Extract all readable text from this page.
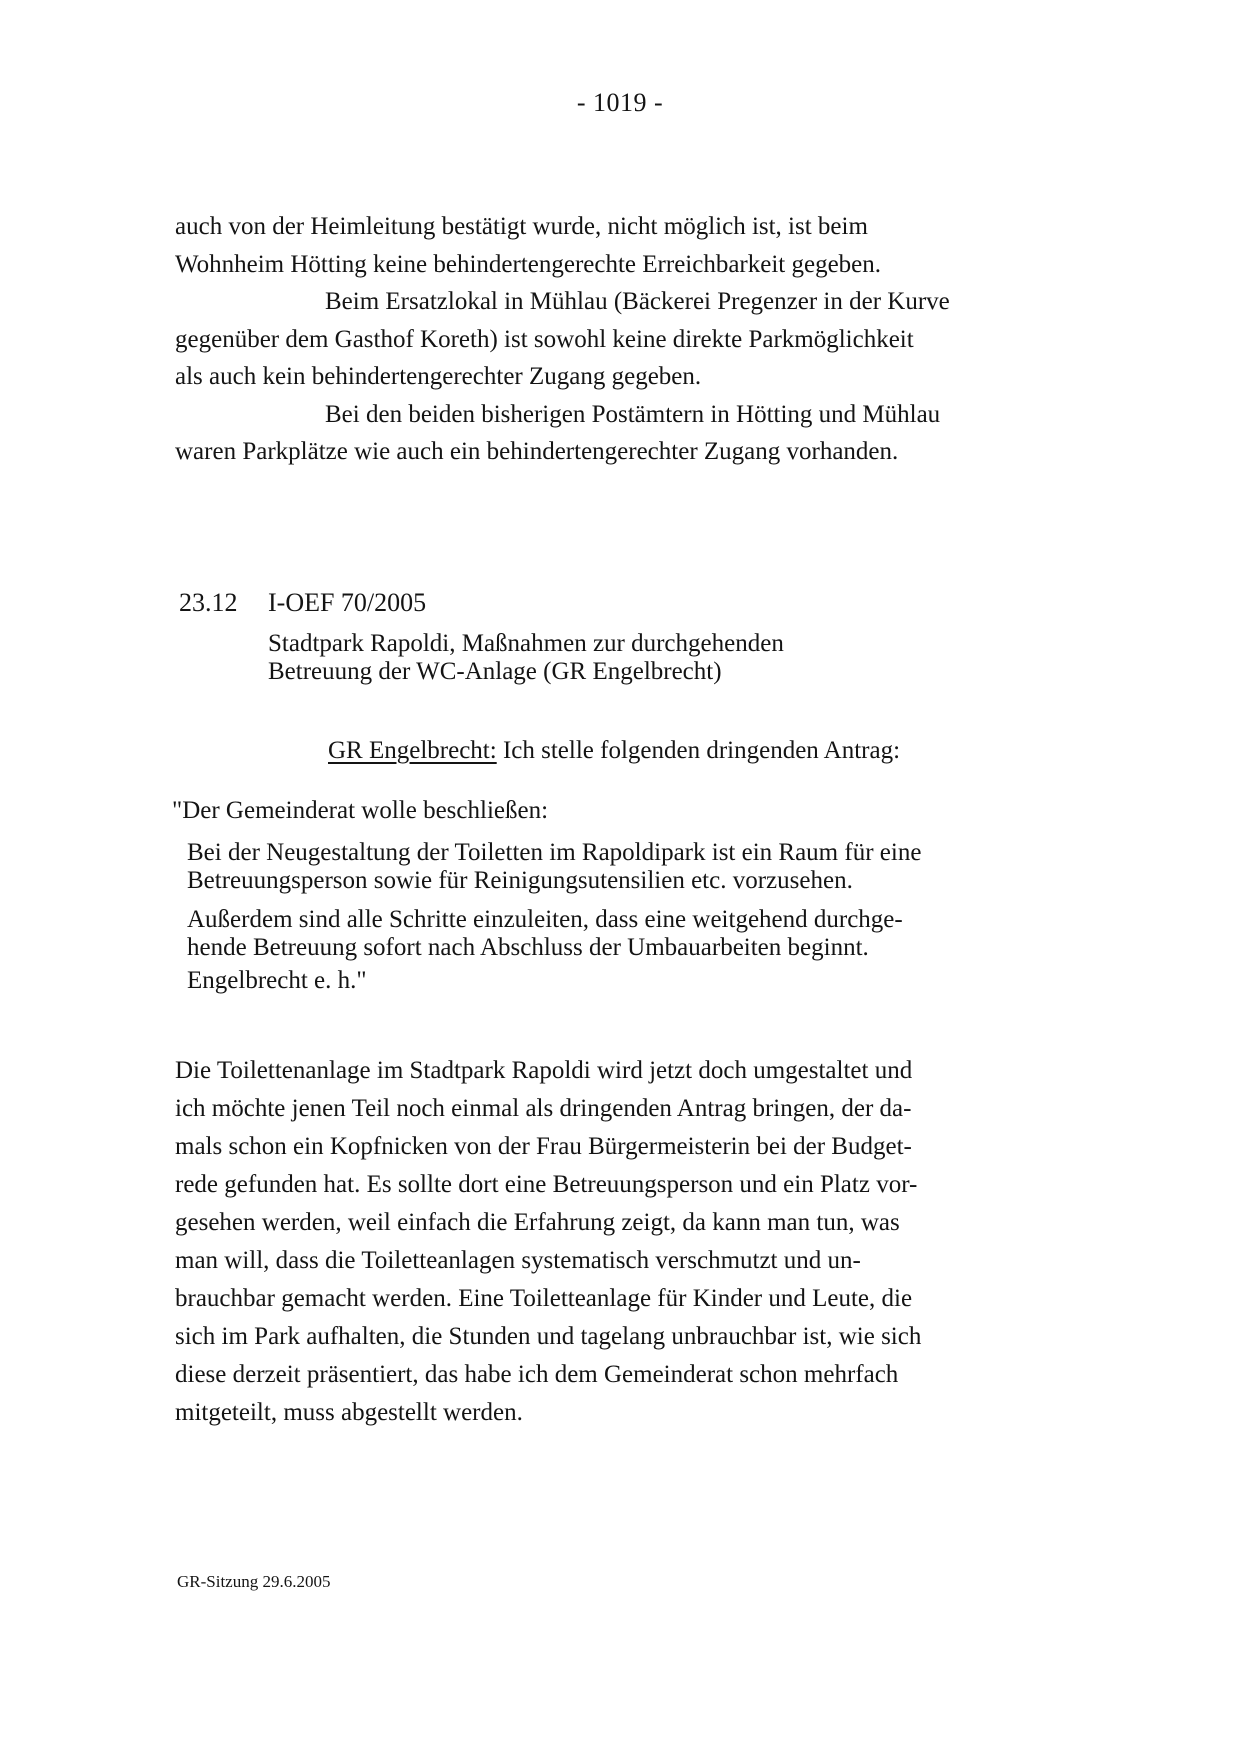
- 1019 -
auch von der Heimleitung bestätigt wurde, nicht möglich ist, ist beim
Wohnheim Hötting keine behindertengerechte Erreichbarkeit gegeben.
Beim Ersatzlokal in Mühlau (Bäckerei Pregenzer in der Kurve
gegenüber dem Gasthof Koreth) ist sowohl keine direkte Parkmöglichkeit
als auch kein behindertengerechter Zugang gegeben.
Bei den beiden bisherigen Postämtern in Hötting und Mühlau
waren Parkplätze wie auch ein behindertengerechter Zugang vorhanden.
23.12 I-OEF 70/2005
Stadtpark Rapoldi, Maßnahmen zur durchgehenden
Betreuung der WC-Anlage (GR Engelbrecht)
GR Engelbrecht: Ich stelle folgenden dringenden Antrag:
"Der Gemeinderat wolle beschließen:
Bei der Neugestaltung der Toiletten im Rapoldipark ist ein Raum für eine
Betreuungsperson sowie für Reinigungsutensilien etc. vorzusehen.
Außerdem sind alle Schritte einzuleiten, dass eine weitgehend durchge-
hende Betreuung sofort nach Abschluss der Umbauarbeiten beginnt.
Engelbrecht e. h."
Die Toilettenanlage im Stadtpark Rapoldi wird jetzt doch umgestaltet und
ich möchte jenen Teil noch einmal als dringenden Antrag bringen, der da-
mals schon ein Kopfnicken von der Frau Bürgermeisterin bei der Budget-
rede gefunden hat. Es sollte dort eine Betreuungsperson und ein Platz vor-
gesehen werden, weil einfach die Erfahrung zeigt, da kann man tun, was
man will, dass die Toiletteanlagen systematisch verschmutzt und un-
brauchbar gemacht werden. Eine Toiletteanlage für Kinder und Leute, die
sich im Park aufhalten, die Stunden und tagelang unbrauchbar ist, wie sich
diese derzeit präsentiert, das habe ich dem Gemeinderat schon mehrfach
mitgeteilt, muss abgestellt werden.
GR-Sitzung 29.6.2005
